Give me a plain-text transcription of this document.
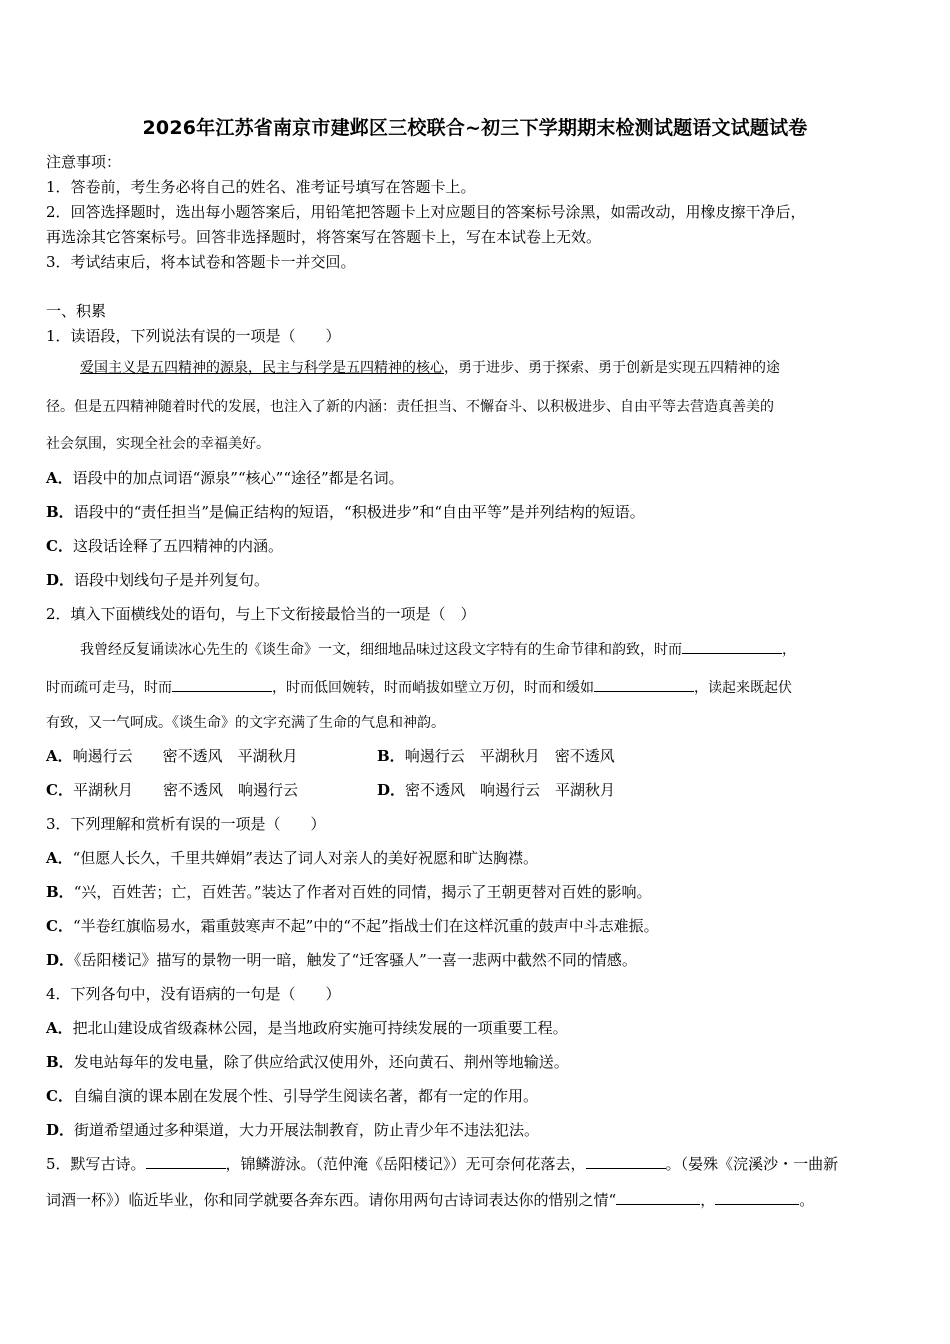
2026年江苏省南京市建邺区三校联合~初三下学期期末检测试题语文试题试卷
注意事项：
1．答卷前，考生务必将自己的姓名、准考证号填写在答题卡上。
2．回答选择题时，选出每小题答案后，用铅笔把答题卡上对应题目的答案标号涂黑，如需改动，用橡皮擦干净后，
再选涂其它答案标号。回答非选择题时，将答案写在答题卡上，写在本试卷上无效。
3．考试结束后，将本试卷和答题卡一并交回。
一、积累
1．读语段，下列说法有误的一项是（　　）
爱国主义是五四精神的源泉，民主与科学是五四精神的核心，勇于进步、勇于探索、勇于创新是实现五四精神的途
径。但是五四精神随着时代的发展，也注入了新的内涵：责任担当、不懈奋斗、以积极进步、自由平等去营造真善美的
社会氛围，实现全社会的幸福美好。
A．语段中的加点词语“源泉”“核心”“途径”都是名词。
B．语段中的“责任担当”是偏正结构的短语，“积极进步”和“自由平等”是并列结构的短语。
C．这段话诠释了五四精神的内涵。
D．语段中划线句子是并列复句。
2．填入下面横线处的语句，与上下文衔接最恰当的一项是（　）
我曾经反复诵读冰心先生的《谈生命》一文，细细地品味过这段文字特有的生命节律和韵致，时而	，
时而疏可走马，时而	，时而低回婉转，时而峭拔如壁立万仞，时而和缓如	，读起来既起伏
有致，又一气呵成。《谈生命》的文字充满了生命的气息和神韵。
A．响遏行云　　密不透风　平湖秋月	B．响遏行云　平湖秋月　密不透风
C．平湖秋月　　密不透风　响遏行云	D．密不透风　响遏行云　平湖秋月
3．下列理解和赏析有误的一项是（　　）
A．“但愿人长久，千里共婵娟”表达了词人对亲人的美好祝愿和旷达胸襟。
B．“兴，百姓苦；亡，百姓苦。”装达了作者对百姓的同情，揭示了王朝更替对百姓的影响。
C．“半卷红旗临易水，霜重鼓寒声不起”中的“不起”指战士们在这样沉重的鼓声中斗志难振。
D．《岳阳楼记》描写的景物一明一暗，触发了“迁客骚人”一喜一悲两中截然不同的情感。
4．下列各句中，没有语病的一句是（　　）
A．把北山建设成省级森林公园，是当地政府实施可持续发展的一项重要工程。
B．发电站每年的发电量，除了供应给武汉使用外，还向黄石、荆州等地输送。
C．自编自演的课本剧在发展个性、引导学生阅读名著，都有一定的作用。
D．街道希望通过多种渠道，大力开展法制教育，防止青少年不违法犯法。
5．默写古诗。	，锦鳞游泳。（范仲淹《岳阳楼记》）无可奈何花落去，	。（晏殊《浣溪沙・一曲新
词酒一杯》）临近毕业，你和同学就要各奔东西。请你用两句古诗词表达你的惜别之情“	，	。
